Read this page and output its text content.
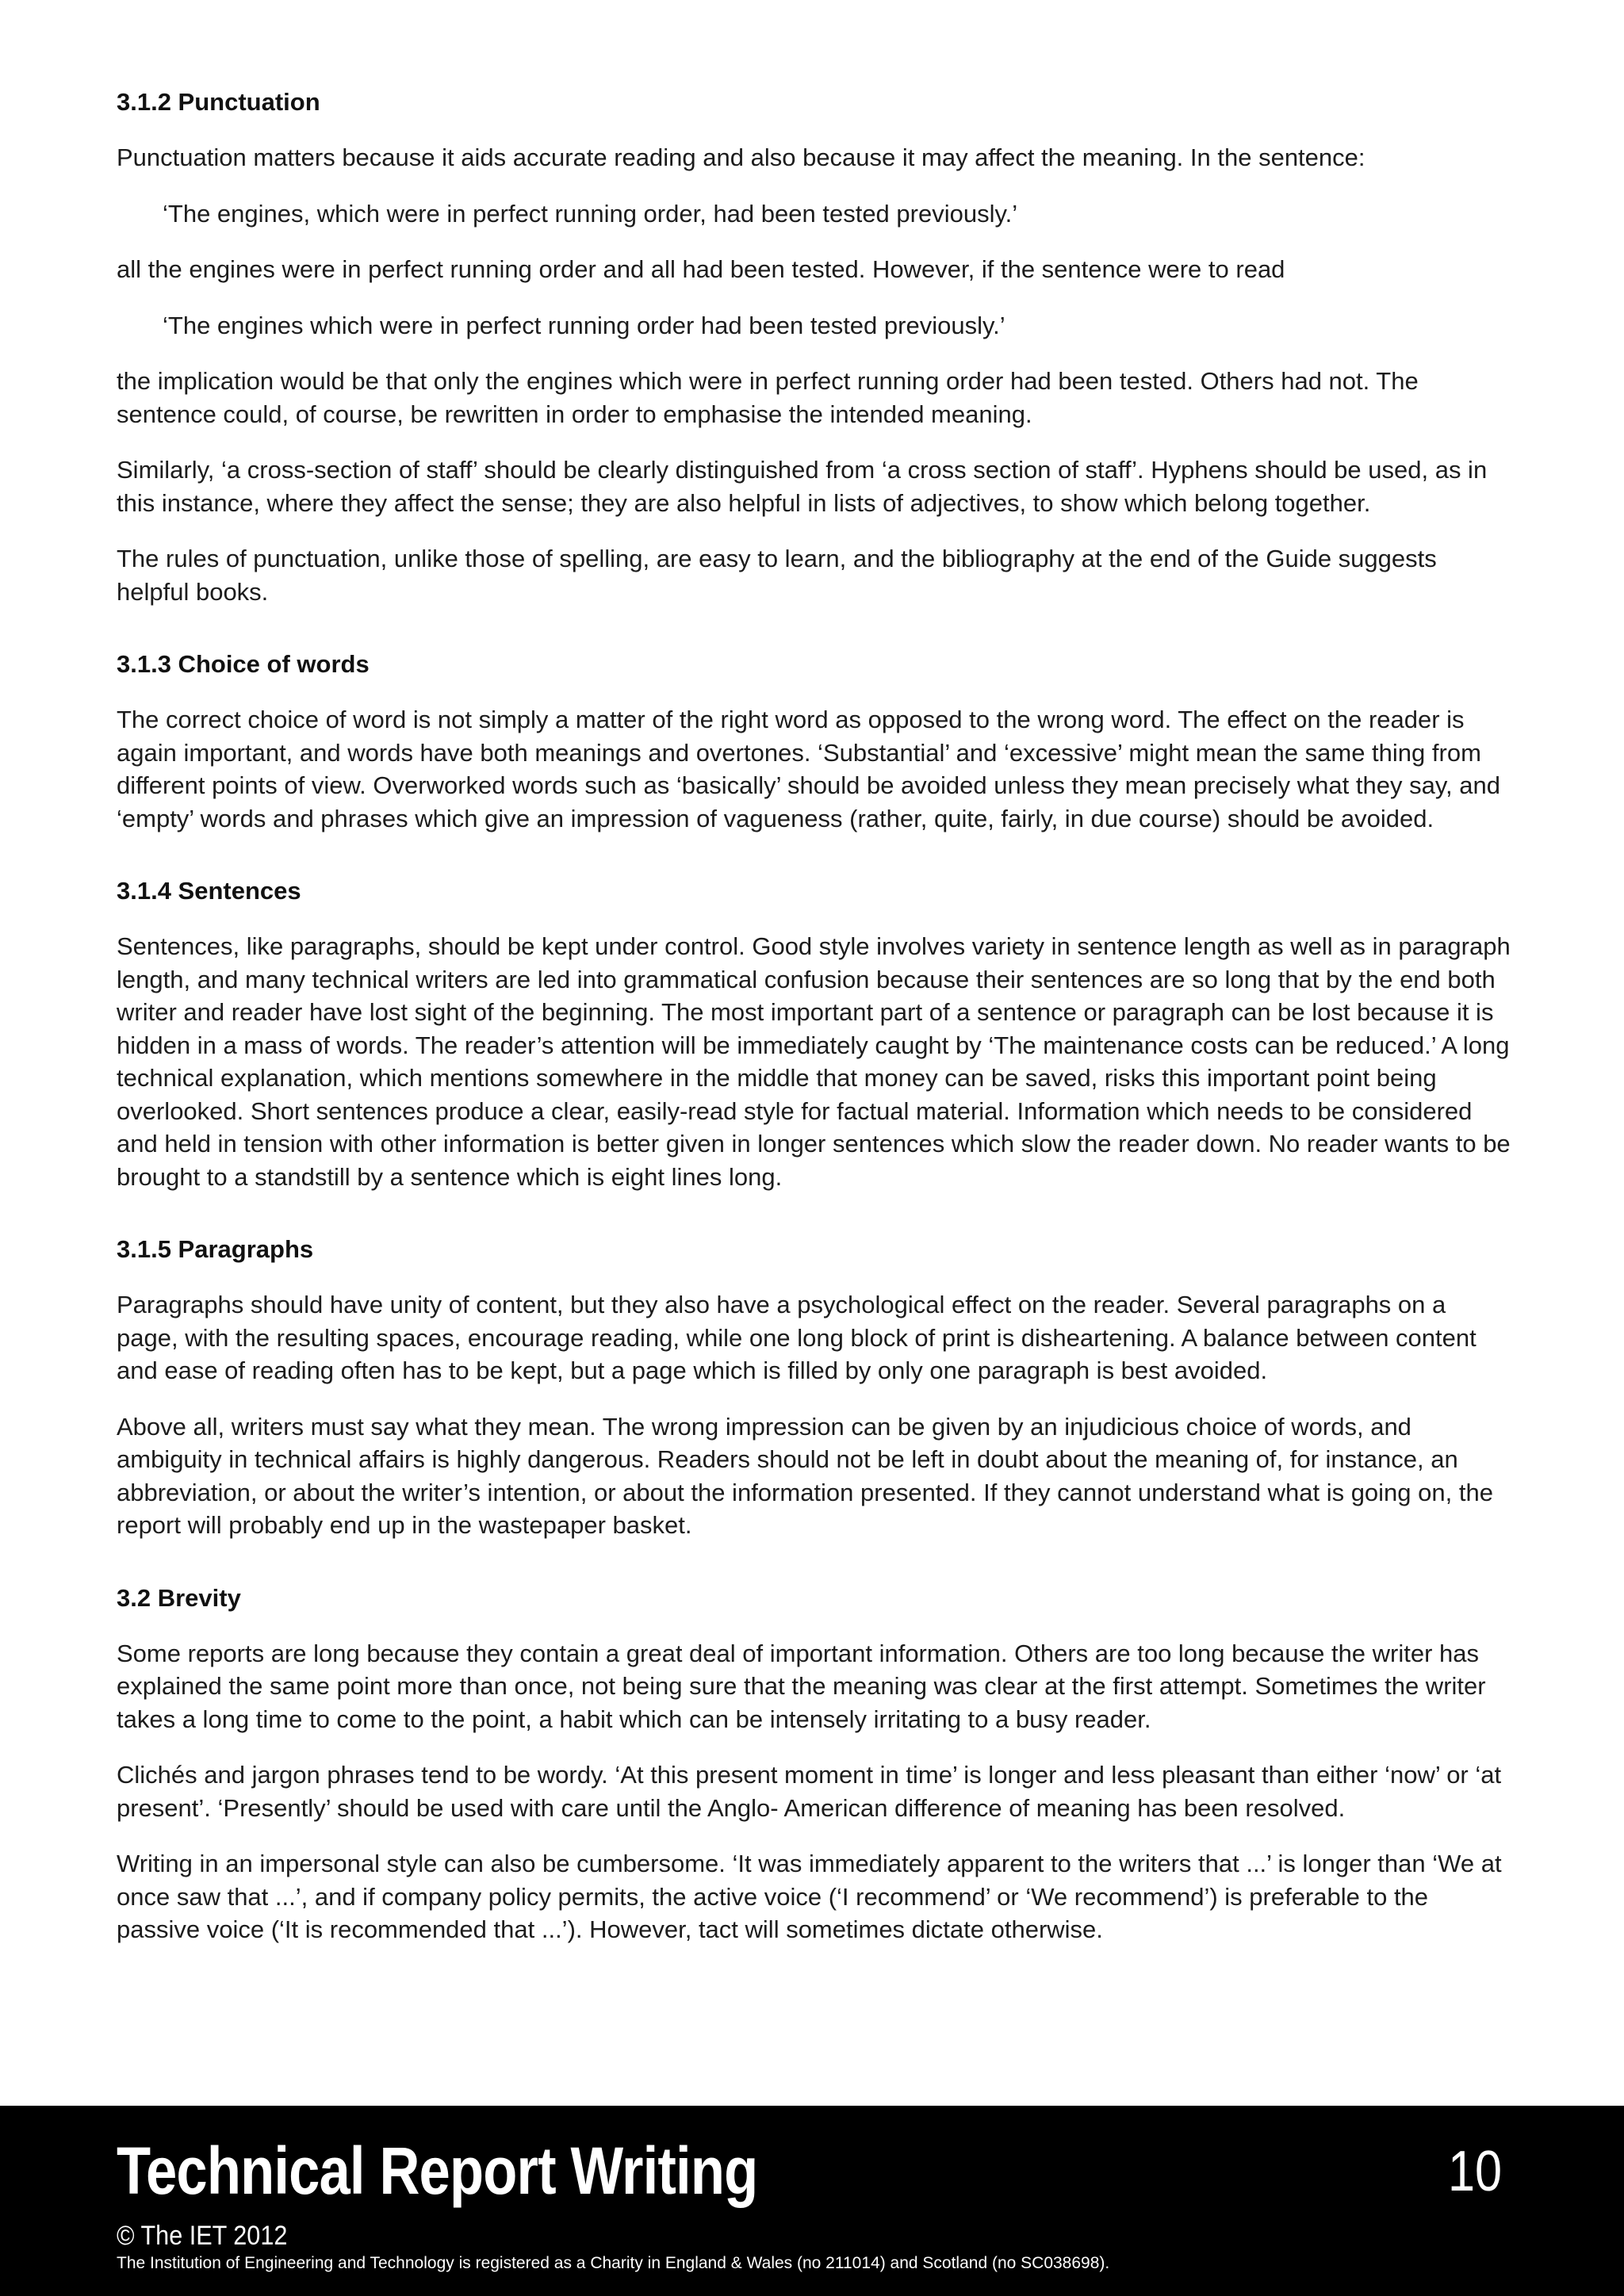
3.1.2 Punctuation

Punctuation matters because it aids accurate reading and also because it may affect the meaning. In the sentence:

‘The engines, which were in perfect running order, had been tested previously.’

all the engines were in perfect running order and all had been tested. However, if the sentence were to read

‘The engines which were in perfect running order had been tested previously.’

the implication would be that only the engines which were in perfect running order had been tested. Others had not. The sentence could, of course, be rewritten in order to emphasise the intended meaning.

Similarly, ‘a cross-section of staff’ should be clearly distinguished from ‘a cross section of staff’. Hyphens should be used, as in this instance, where they affect the sense; they are also helpful in lists of adjectives, to show which belong together.

The rules of punctuation, unlike those of spelling, are easy to learn, and the bibliography at the end of the Guide suggests helpful books.

3.1.3 Choice of words

The correct choice of word is not simply a matter of the right word as opposed to the wrong word. The effect on the reader is again important, and words have both meanings and overtones. ‘Substantial’ and ‘excessive’ might mean the same thing from different points of view. Overworked words such as ‘basically’ should be avoided unless they mean precisely what they say, and ‘empty’ words and phrases which give an impression of vagueness (rather, quite, fairly, in due course) should be avoided.

3.1.4 Sentences

Sentences, like paragraphs, should be kept under control. Good style involves variety in sentence length as well as in paragraph length, and many technical writers are led into grammatical confusion because their sentences are so long that by the end both writer and reader have lost sight of the beginning. The most important part of a sentence or paragraph can be lost because it is hidden in a mass of words. The reader’s attention will be immediately caught by ‘The maintenance costs can be reduced.’ A long technical explanation, which mentions somewhere in the middle that money can be saved, risks this important point being overlooked. Short sentences produce a clear, easily-read style for factual material. Information which needs to be considered and held in tension with other information is better given in longer sentences which slow the reader down. No reader wants to be brought to a standstill by a sentence which is eight lines long.

3.1.5 Paragraphs

Paragraphs should have unity of content, but they also have a psychological effect on the reader. Several paragraphs on a page, with the resulting spaces, encourage reading, while one long block of print is disheartening. A balance between content and ease of reading often has to be kept, but a page which is filled by only one paragraph is best avoided.

Above all, writers must say what they mean. The wrong impression can be given by an injudicious choice of words, and ambiguity in technical affairs is highly dangerous. Readers should not be left in doubt about the meaning of, for instance, an abbreviation, or about the writer’s intention, or about the information presented. If they cannot understand what is going on, the report will probably end up in the wastepaper basket.

3.2 Brevity

Some reports are long because they contain a great deal of important information. Others are too long because the writer has explained the same point more than once, not being sure that the meaning was clear at the first attempt. Sometimes the writer takes a long time to come to the point, a habit which can be intensely irritating to a busy reader.

Clichés and jargon phrases tend to be wordy. ‘At this present moment in time’ is longer and less pleasant than either ‘now’ or ‘at present’. ‘Presently’ should be used with care until the Anglo- American difference of meaning has been resolved.

Writing in an impersonal style can also be cumbersome. ‘It was immediately apparent to the writers that ...’ is longer than ‘We at once saw that ...’, and if company policy permits, the active voice (‘I recommend’ or ‘We recommend’) is preferable to the passive voice (‘It is recommended that ...’). However, tact will sometimes dictate otherwise.

Technical Report Writing	10
© The IET 2012
The Institution of Engineering and Technology is registered as a Charity in England & Wales (no 211014) and Scotland (no SC038698).
